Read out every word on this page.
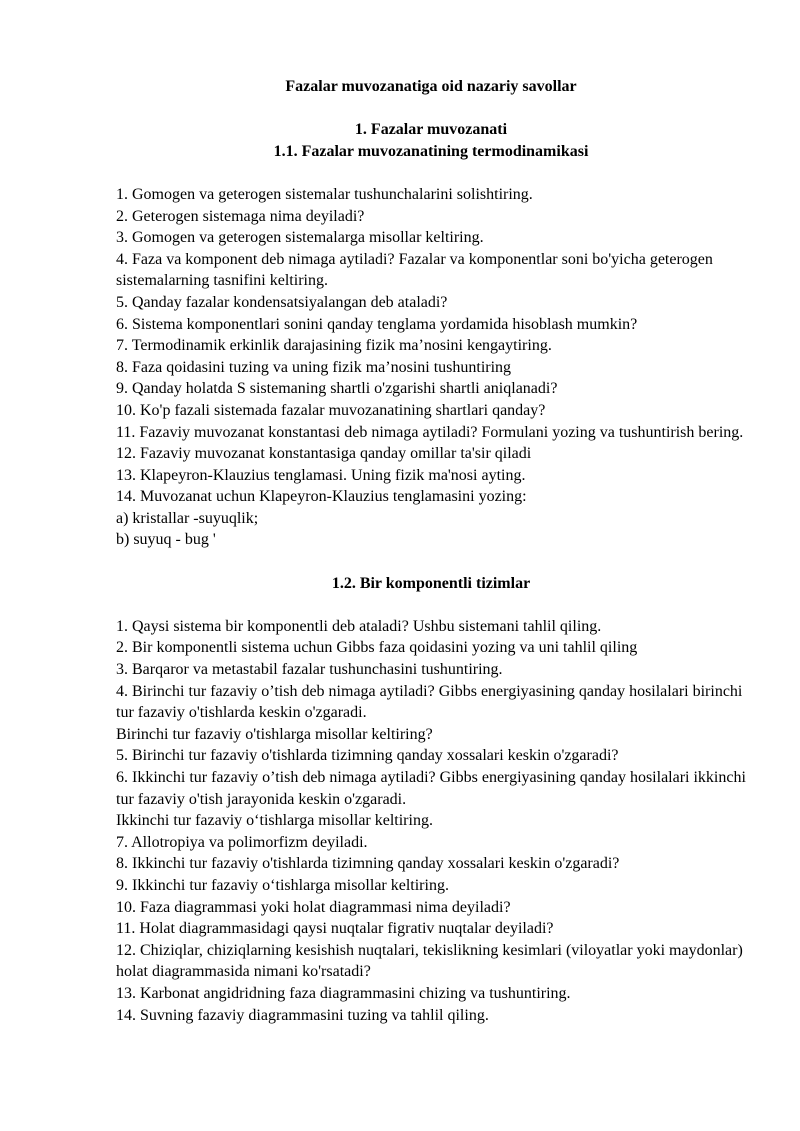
Fazalar muvozanatiga oid nazariy savollar

1. Fazalar muvozanati

1.1. Fazalar muvozanatining termodinamikasi

1. Gomogen va geterogen sistemalar tushunchalarini solishtiring.

2. Geterogen sistemaga nima deyiladi?

3. Gomogen va geterogen sistemalarga misollar keltiring.

4. Faza va komponent deb nimaga aytiladi? Fazalar va komponentlar soni bo'yicha geterogen sistemalarning tasnifini keltiring.

5. Qanday fazalar kondensatsiyalangan deb ataladi?

6. Sistema komponentlari sonini qanday tenglama yordamida hisoblash mumkin?

7. Termodinamik erkinlik darajasining fizik ma’nosini kengaytiring.

8. Faza qoidasini tuzing va uning fizik ma’nosini tushuntiring

9. Qanday holatda S sistemaning shartli o'zgarishi shartli aniqlanadi?

10. Ko'p fazali sistemada fazalar muvozanatining shartlari qanday?

11. Fazaviy muvozanat konstantasi deb nimaga aytiladi? Formulani yozing va tushuntirish bering.

12. Fazaviy muvozanat konstantasiga qanday omillar ta'sir qiladi

13. Klapeyron-Klauzius tenglamasi. Uning fizik ma'nosi ayting.

14. Muvozanat uchun Klapeyron-Klauzius tenglamasini yozing:

a) kristallar -suyuqlik;

b) suyuq - bug '

1.2. Bir komponentli tizimlar

1. Qaysi sistema bir komponentli deb ataladi? Ushbu sistemani tahlil qiling.

2. Bir komponentli sistema uchun Gibbs faza qoidasini yozing va uni tahlil qiling

3. Barqaror va metastabil fazalar tushunchasini tushuntiring.

4. Birinchi tur fazaviy o’tish deb nimaga aytiladi? Gibbs energiyasining qanday hosilalari birinchi tur fazaviy o'tishlarda keskin o'zgaradi.

Birinchi tur fazaviy o'tishlarga misollar keltiring?

5. Birinchi tur fazaviy o'tishlarda tizimning qanday xossalari keskin o'zgaradi?

6. Ikkinchi tur fazaviy o’tish deb nimaga aytiladi? Gibbs energiyasining qanday hosilalari ikkinchi tur fazaviy o'tish jarayonida keskin o'zgaradi.

Ikkinchi tur fazaviy o‘tishlarga misollar keltiring.

7. Allotropiya va polimorfizm deyiladi.

8. Ikkinchi tur fazaviy o'tishlarda tizimning qanday xossalari keskin o'zgaradi?

9. Ikkinchi tur fazaviy o‘tishlarga misollar keltiring.

10. Faza diagrammasi yoki holat diagrammasi nima deyiladi?

11. Holat diagrammasidagi qaysi nuqtalar figrativ nuqtalar deyiladi?

12. Chiziqlar, chiziqlarning kesishish nuqtalari, tekislikning kesimlari (viloyatlar yoki maydonlar) holat diagrammasida nimani ko'rsatadi?

13. Karbonat angidridning faza diagrammasini chizing va tushuntiring.

14. Suvning fazaviy diagrammasini tuzing va tahlil qiling.
